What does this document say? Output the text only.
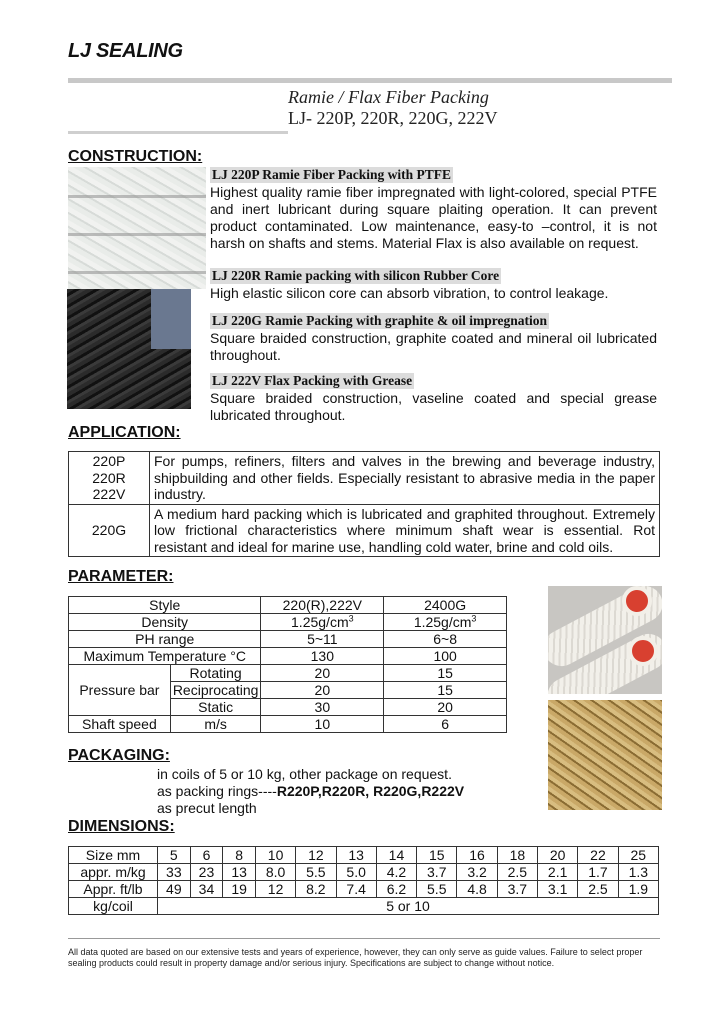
LJ SEALING
Ramie / Flax Fiber Packing
LJ- 220P, 220R, 220G, 222V
CONSTRUCTION:
LJ 220P Ramie Fiber Packing with PTFE
Highest quality ramie fiber impregnated with light-colored, special PTFE and inert lubricant during square plaiting operation. It can prevent product contaminated. Low maintenance, easy-to –control, it is not harsh on shafts and stems. Material Flax is also available on request.
LJ 220R Ramie packing with silicon Rubber Core
High elastic silicon core can absorb vibration, to control leakage.
LJ 220G Ramie Packing with graphite & oil impregnation
Square braided construction, graphite coated and mineral oil lubricated throughout.
LJ 222V Flax Packing with Grease
Square braided construction, vaseline coated and special grease lubricated throughout.
APPLICATION:
220P
220R
222V	For pumps, refiners, filters and valves in the brewing and beverage industry, shipbuilding and other fields. Especially resistant to abrasive media in the paper industry.

220G	A medium hard packing which is lubricated and graphited throughout. Extremely low frictional characteristics where minimum shaft wear is essential. Rot resistant and ideal for marine use, handling cold water, brine and cold oils.
PARAMETER:
Style		220(R),222V	2400G
Density		$1.25g/cm^3$	$1.25g/cm^3$
PH range		5~11	6~8
Maximum Temperature °C		130	100
Pressure bar	Rotating	20	15
	Reciprocating	20	15
	Static	30	20
Shaft speed	m/s	10	6
PACKAGING:
in coils of 5 or 10 kg, other package on request.
as packing rings----R220P,R220R, R220G,R222V
as precut length
DIMENSIONS:
Size mm	5	6	8	10	12	13	14	15	16	18	20	22	25
appr. m/kg	33	23	13	8.0	5.5	5.0	4.2	3.7	3.2	2.5	2.1	1.7	1.3
Appr. ft/lb	49	34	19	12	8.2	7.4	6.2	5.5	4.8	3.7	3.1	2.5	1.9
kg/coil	5 or 10												
All data quoted are based on our extensive tests and years of experience, however, they can only serve as guide values. Failure to select proper sealing products could result in property damage and/or serious injury. Specifications are subject to change without notice.
